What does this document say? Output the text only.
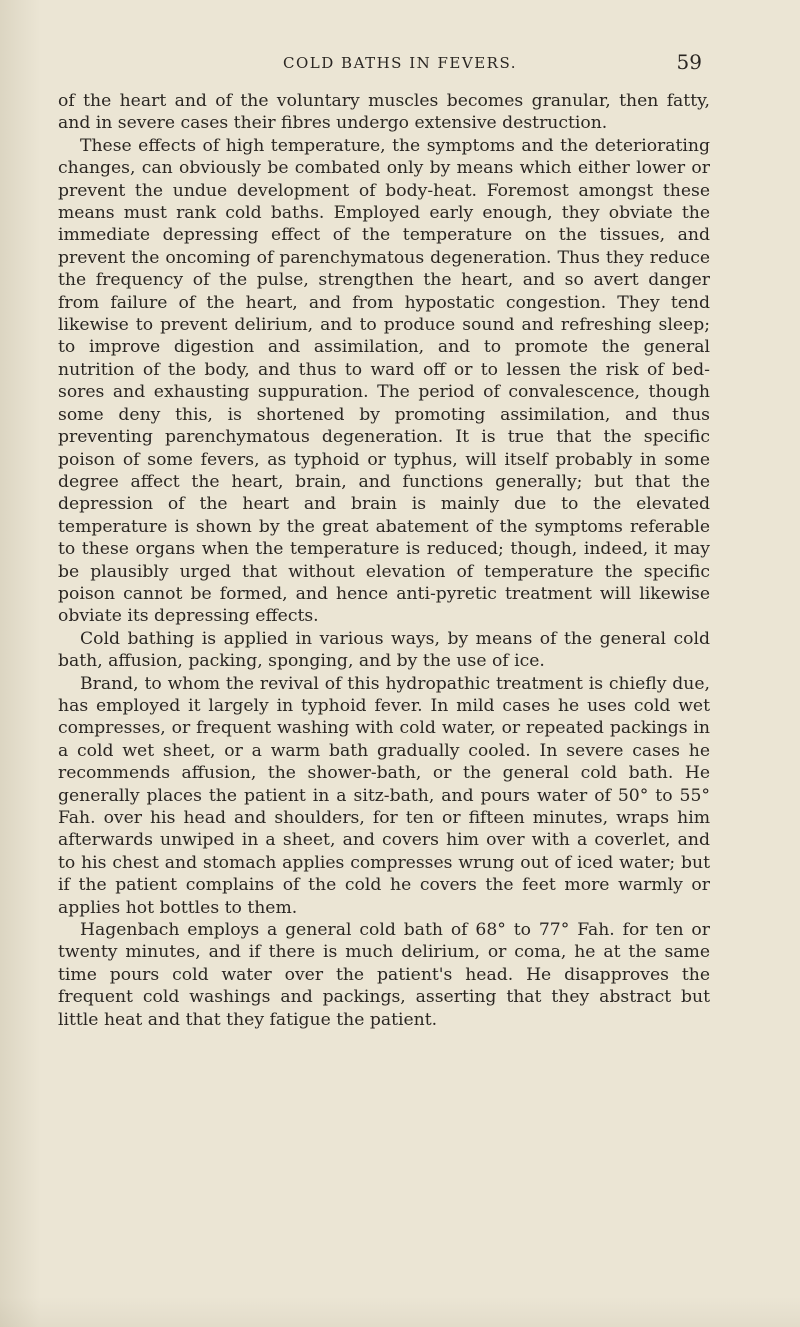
COLD BATHS IN FEVERS.	59

of the heart and of the voluntary muscles becomes granular, then fatty, and in severe cases their fibres undergo extensive destruction.

These effects of high temperature, the symptoms and the deteriorating changes, can obviously be combated only by means which either lower or prevent the undue development of body-heat. Foremost amongst these means must rank cold baths. Employed early enough, they obviate the immediate depressing effect of the temperature on the tissues, and prevent the oncoming of parenchymatous degeneration. Thus they reduce the frequency of the pulse, strengthen the heart, and so avert danger from failure of the heart, and from hypostatic congestion. They tend likewise to prevent delirium, and to produce sound and refreshing sleep; to improve digestion and assimilation, and to promote the general nutrition of the body, and thus to ward off or to lessen the risk of bed-sores and exhausting suppuration. The period of convalescence, though some deny this, is shortened by promoting assimilation, and thus preventing parenchymatous degeneration. It is true that the specific poison of some fevers, as typhoid or typhus, will itself probably in some degree affect the heart, brain, and functions generally; but that the depression of the heart and brain is mainly due to the elevated temperature is shown by the great abatement of the symptoms referable to these organs when the temperature is reduced; though, indeed, it may be plausibly urged that without elevation of temperature the specific poison cannot be formed, and hence anti-pyretic treatment will likewise obviate its depressing effects.

Cold bathing is applied in various ways, by means of the general cold bath, affusion, packing, sponging, and by the use of ice.

Brand, to whom the revival of this hydropathic treatment is chiefly due, has employed it largely in typhoid fever. In mild cases he uses cold wet compresses, or frequent washing with cold water, or repeated packings in a cold wet sheet, or a warm bath gradually cooled. In severe cases he recommends affusion, the shower-bath, or the general cold bath. He generally places the patient in a sitz-bath, and pours water of 50° to 55° Fah. over his head and shoulders, for ten or fifteen minutes, wraps him afterwards unwiped in a sheet, and covers him over with a coverlet, and to his chest and stomach applies compresses wrung out of iced water; but if the patient complains of the cold he covers the feet more warmly or applies hot bottles to them.

Hagenbach employs a general cold bath of 68° to 77° Fah. for ten or twenty minutes, and if there is much delirium, or coma, he at the same time pours cold water over the patient's head. He disapproves the frequent cold washings and packings, asserting that they abstract but little heat and that they fatigue the patient.
